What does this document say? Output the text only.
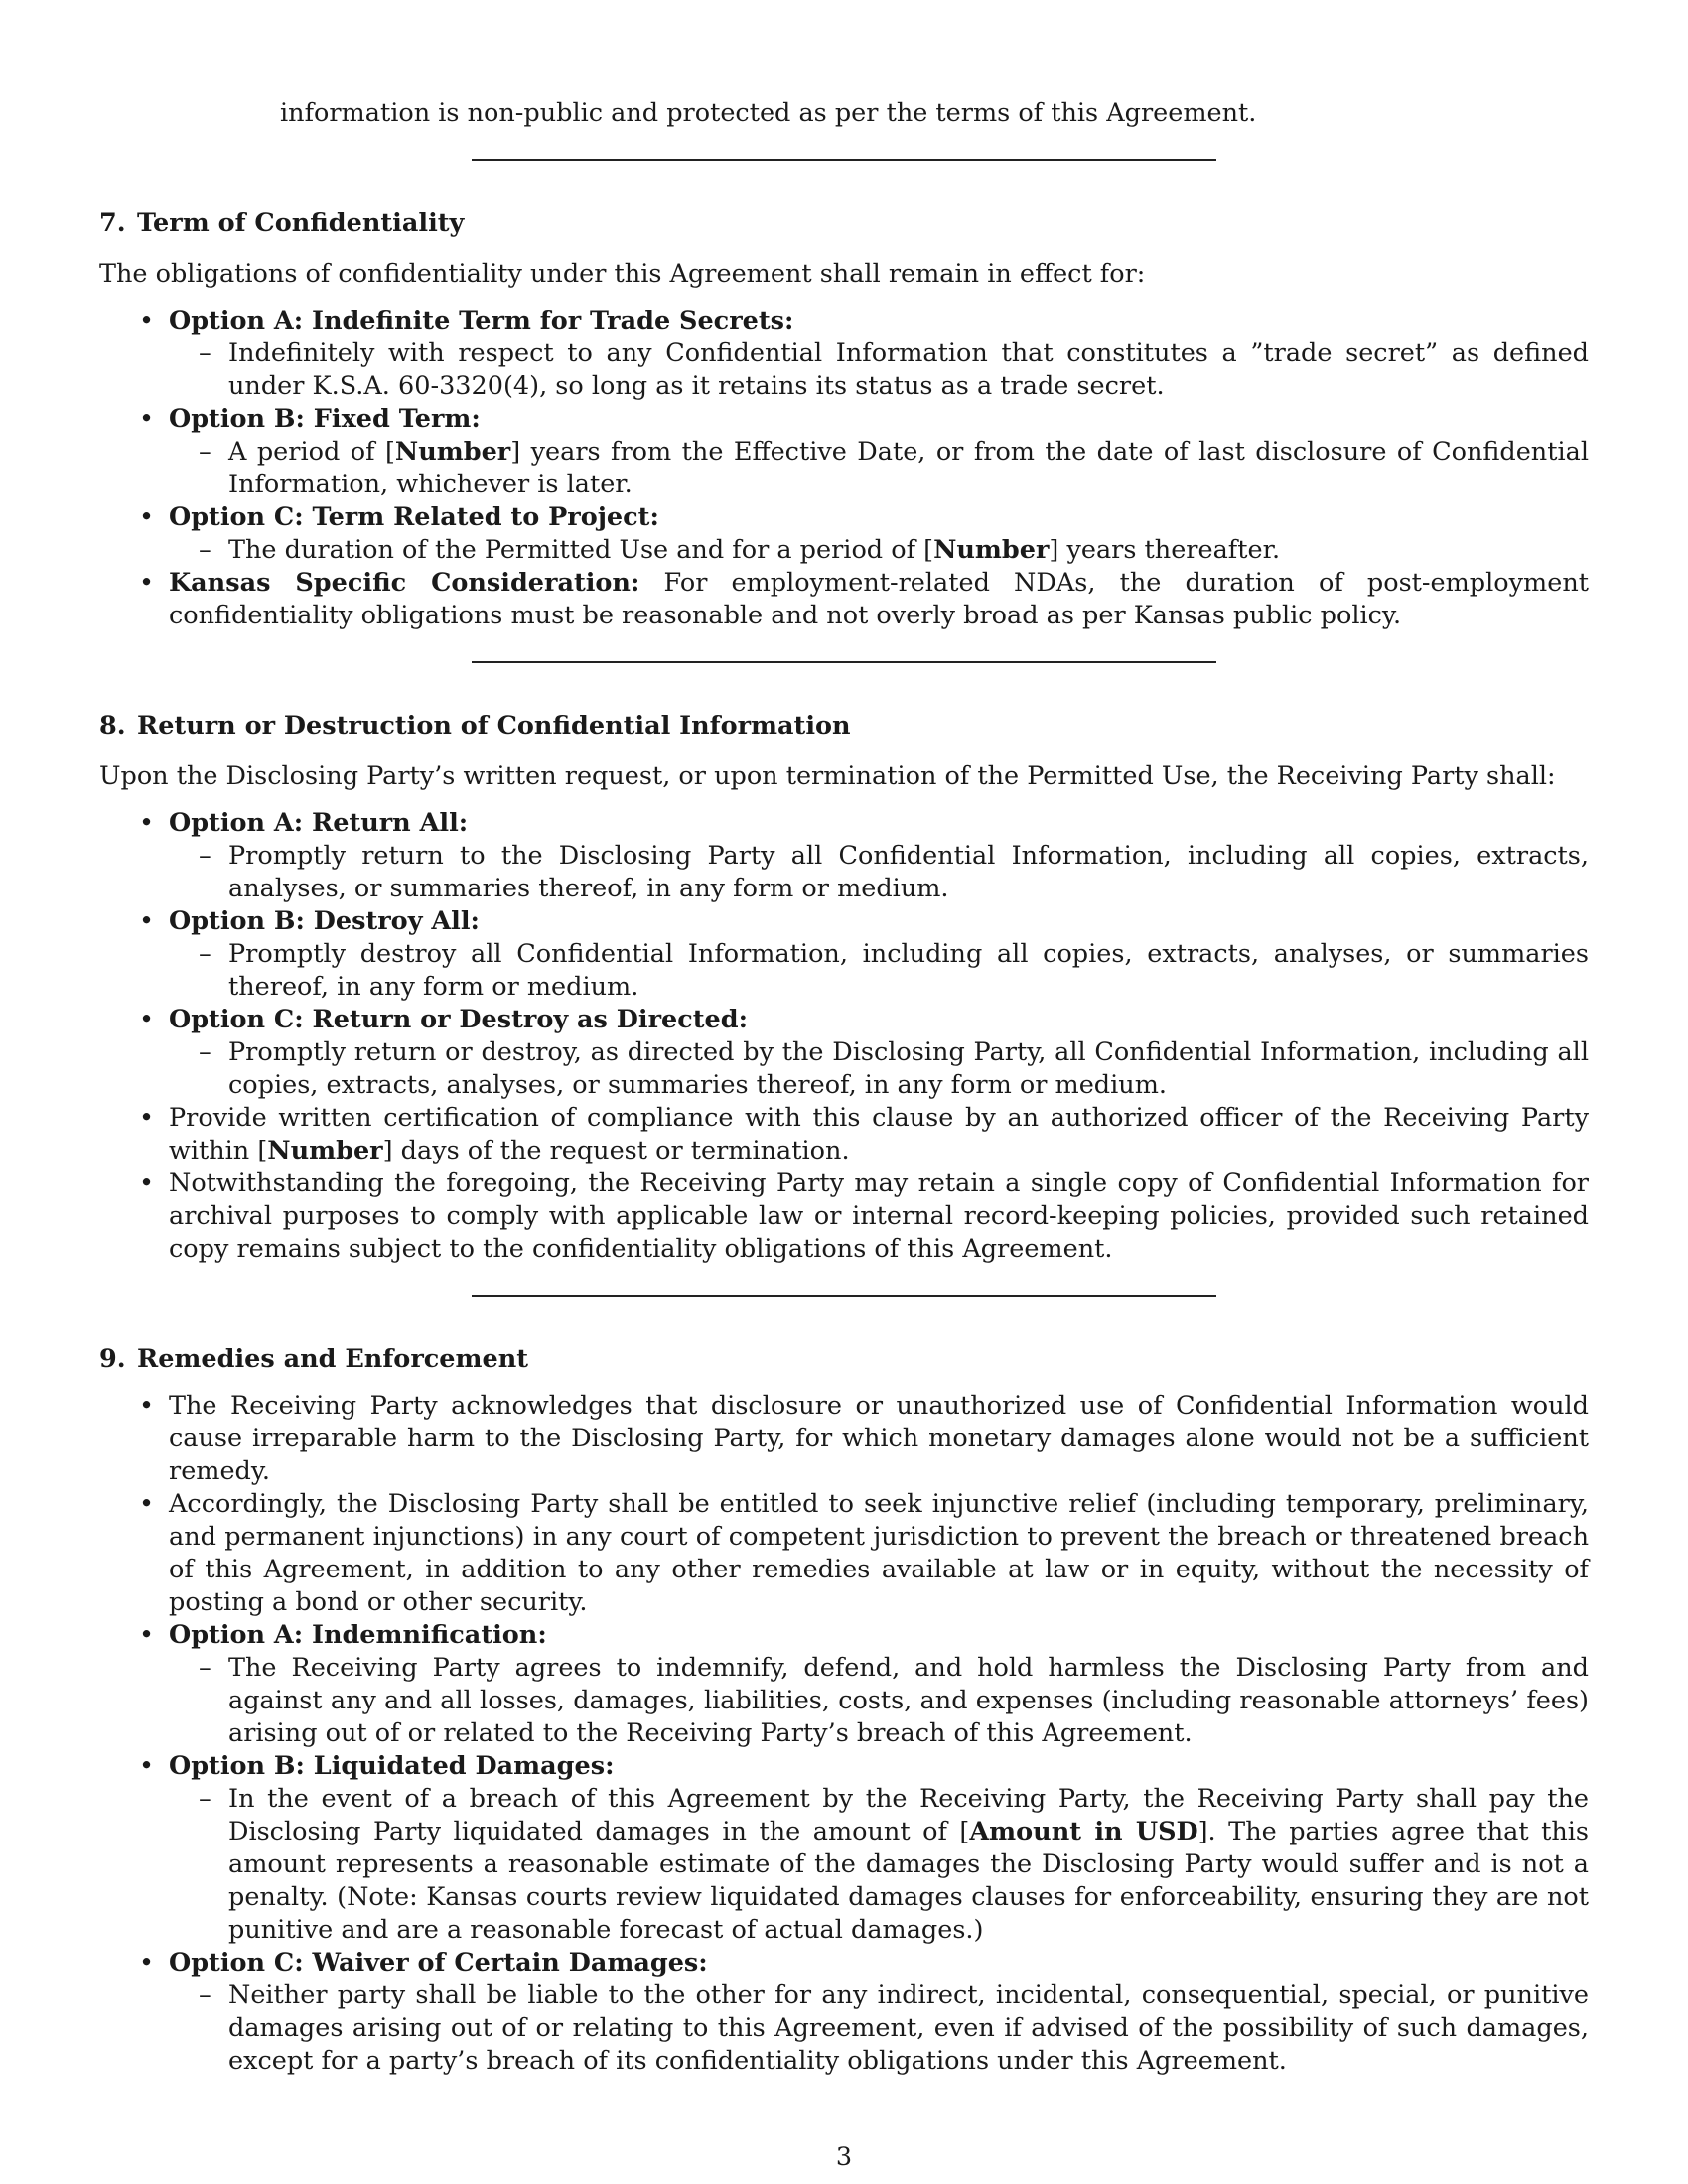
information is non-public and protected as per the terms of this Agreement.
7. Term of Confidentiality
The obligations of confidentiality under this Agreement shall remain in effect for:
• Option A: Indefinite Term for Trade Secrets:
– Indefinitely with respect to any Confidential Information that constitutes a ”trade secret” as defined under K.S.A. 60-3320(4), so long as it retains its status as a trade secret.
• Option B: Fixed Term:
– A period of [Number] years from the Effective Date, or from the date of last disclosure of Confidential Information, whichever is later.
• Option C: Term Related to Project:
– The duration of the Permitted Use and for a period of [Number] years thereafter.
• Kansas Specific Consideration: For employment-related NDAs, the duration of post-employment confidentiality obligations must be reasonable and not overly broad as per Kansas public policy.
8. Return or Destruction of Confidential Information
Upon the Disclosing Party’s written request, or upon termination of the Permitted Use, the Receiving Party shall:
• Option A: Return All:
– Promptly return to the Disclosing Party all Confidential Information, including all copies, extracts, analyses, or summaries thereof, in any form or medium.
• Option B: Destroy All:
– Promptly destroy all Confidential Information, including all copies, extracts, analyses, or summaries thereof, in any form or medium.
• Option C: Return or Destroy as Directed:
– Promptly return or destroy, as directed by the Disclosing Party, all Confidential Information, including all copies, extracts, analyses, or summaries thereof, in any form or medium.
• Provide written certification of compliance with this clause by an authorized officer of the Receiving Party within [Number] days of the request or termination.
• Notwithstanding the foregoing, the Receiving Party may retain a single copy of Confidential Information for archival purposes to comply with applicable law or internal record-keeping policies, provided such retained copy remains subject to the confidentiality obligations of this Agreement.
9. Remedies and Enforcement
• The Receiving Party acknowledges that disclosure or unauthorized use of Confidential Information would cause irreparable harm to the Disclosing Party, for which monetary damages alone would not be a sufficient remedy.
• Accordingly, the Disclosing Party shall be entitled to seek injunctive relief (including temporary, preliminary, and permanent injunctions) in any court of competent jurisdiction to prevent the breach or threatened breach of this Agreement, in addition to any other remedies available at law or in equity, without the necessity of posting a bond or other security.
• Option A: Indemnification:
– The Receiving Party agrees to indemnify, defend, and hold harmless the Disclosing Party from and against any and all losses, damages, liabilities, costs, and expenses (including reasonable attorneys’ fees) arising out of or related to the Receiving Party’s breach of this Agreement.
• Option B: Liquidated Damages:
– In the event of a breach of this Agreement by the Receiving Party, the Receiving Party shall pay the Disclosing Party liquidated damages in the amount of [Amount in USD]. The parties agree that this amount represents a reasonable estimate of the damages the Disclosing Party would suffer and is not a penalty. (Note: Kansas courts review liquidated damages clauses for enforceability, ensuring they are not punitive and are a reasonable forecast of actual damages.)
• Option C: Waiver of Certain Damages:
– Neither party shall be liable to the other for any indirect, incidental, consequential, special, or punitive damages arising out of or relating to this Agreement, even if advised of the possibility of such damages, except for a party’s breach of its confidentiality obligations under this Agreement.
3
